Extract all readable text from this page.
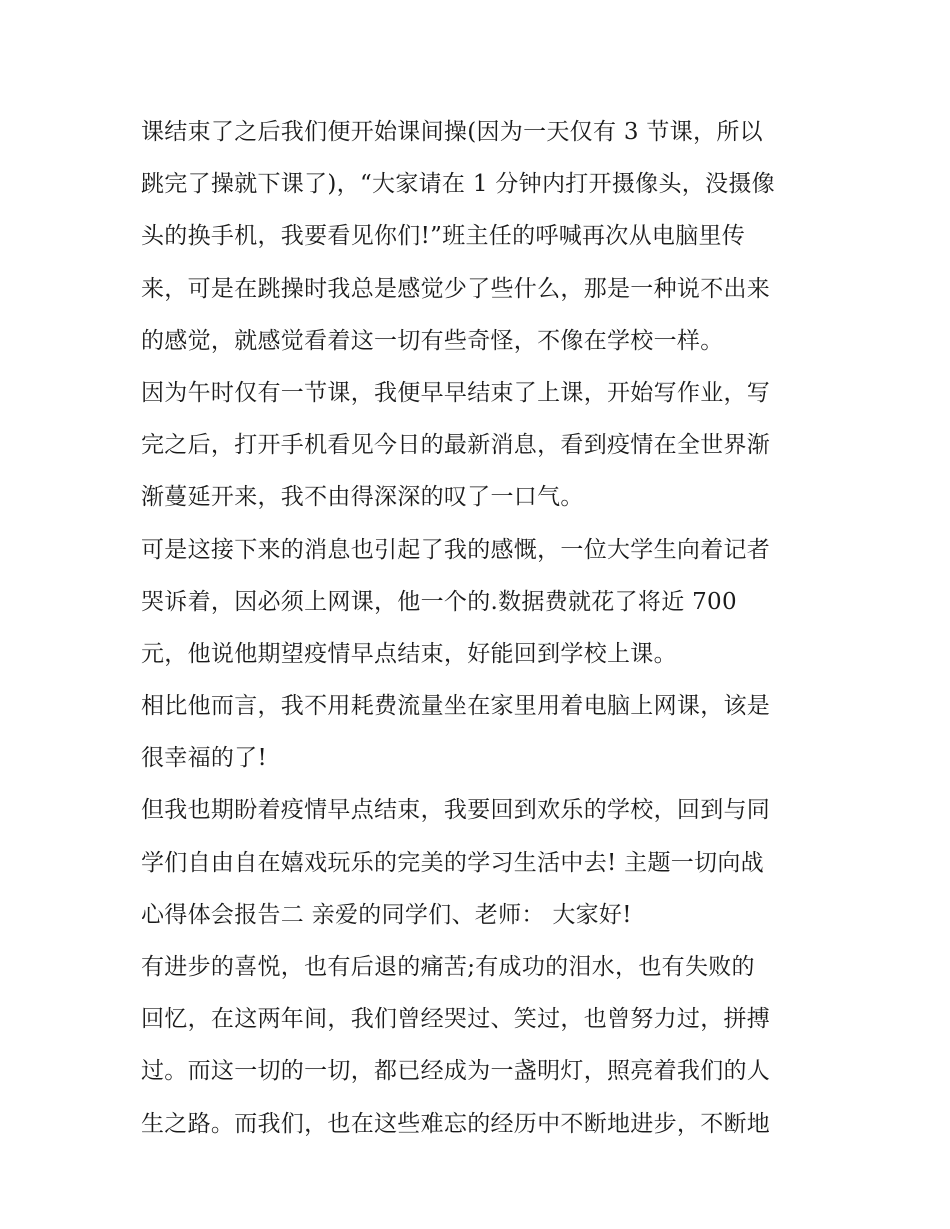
课结束了之后我们便开始课间操(因为一天仅有 3 节课，所以
跳完了操就下课了)，“大家请在 1 分钟内打开摄像头，没摄像
头的换手机，我要看见你们!”班主任的呼喊再次从电脑里传
来，可是在跳操时我总是感觉少了些什么，那是一种说不出来
的感觉，就感觉看着这一切有些奇怪，不像在学校一样。
因为午时仅有一节课，我便早早结束了上课，开始写作业，写
完之后，打开手机看见今日的最新消息，看到疫情在全世界渐
渐蔓延开来，我不由得深深的叹了一口气。
可是这接下来的消息也引起了我的感慨，一位大学生向着记者
哭诉着，因必须上网课，他一个的.数据费就花了将近 700
元，他说他期望疫情早点结束，好能回到学校上课。
相比他而言，我不用耗费流量坐在家里用着电脑上网课，该是
很幸福的了!
但我也期盼着疫情早点结束，我要回到欢乐的学校，回到与同
学们自由自在嬉戏玩乐的完美的学习生活中去! 主题一切向战
心得体会报告二 亲爱的同学们、老师： 大家好!
有进步的喜悦，也有后退的痛苦;有成功的泪水，也有失败的
回忆，在这两年间，我们曾经哭过、笑过，也曾努力过，拼搏
过。而这一切的一切，都已经成为一盏明灯，照亮着我们的人
生之路。而我们，也在这些难忘的经历中不断地进步，不断地
